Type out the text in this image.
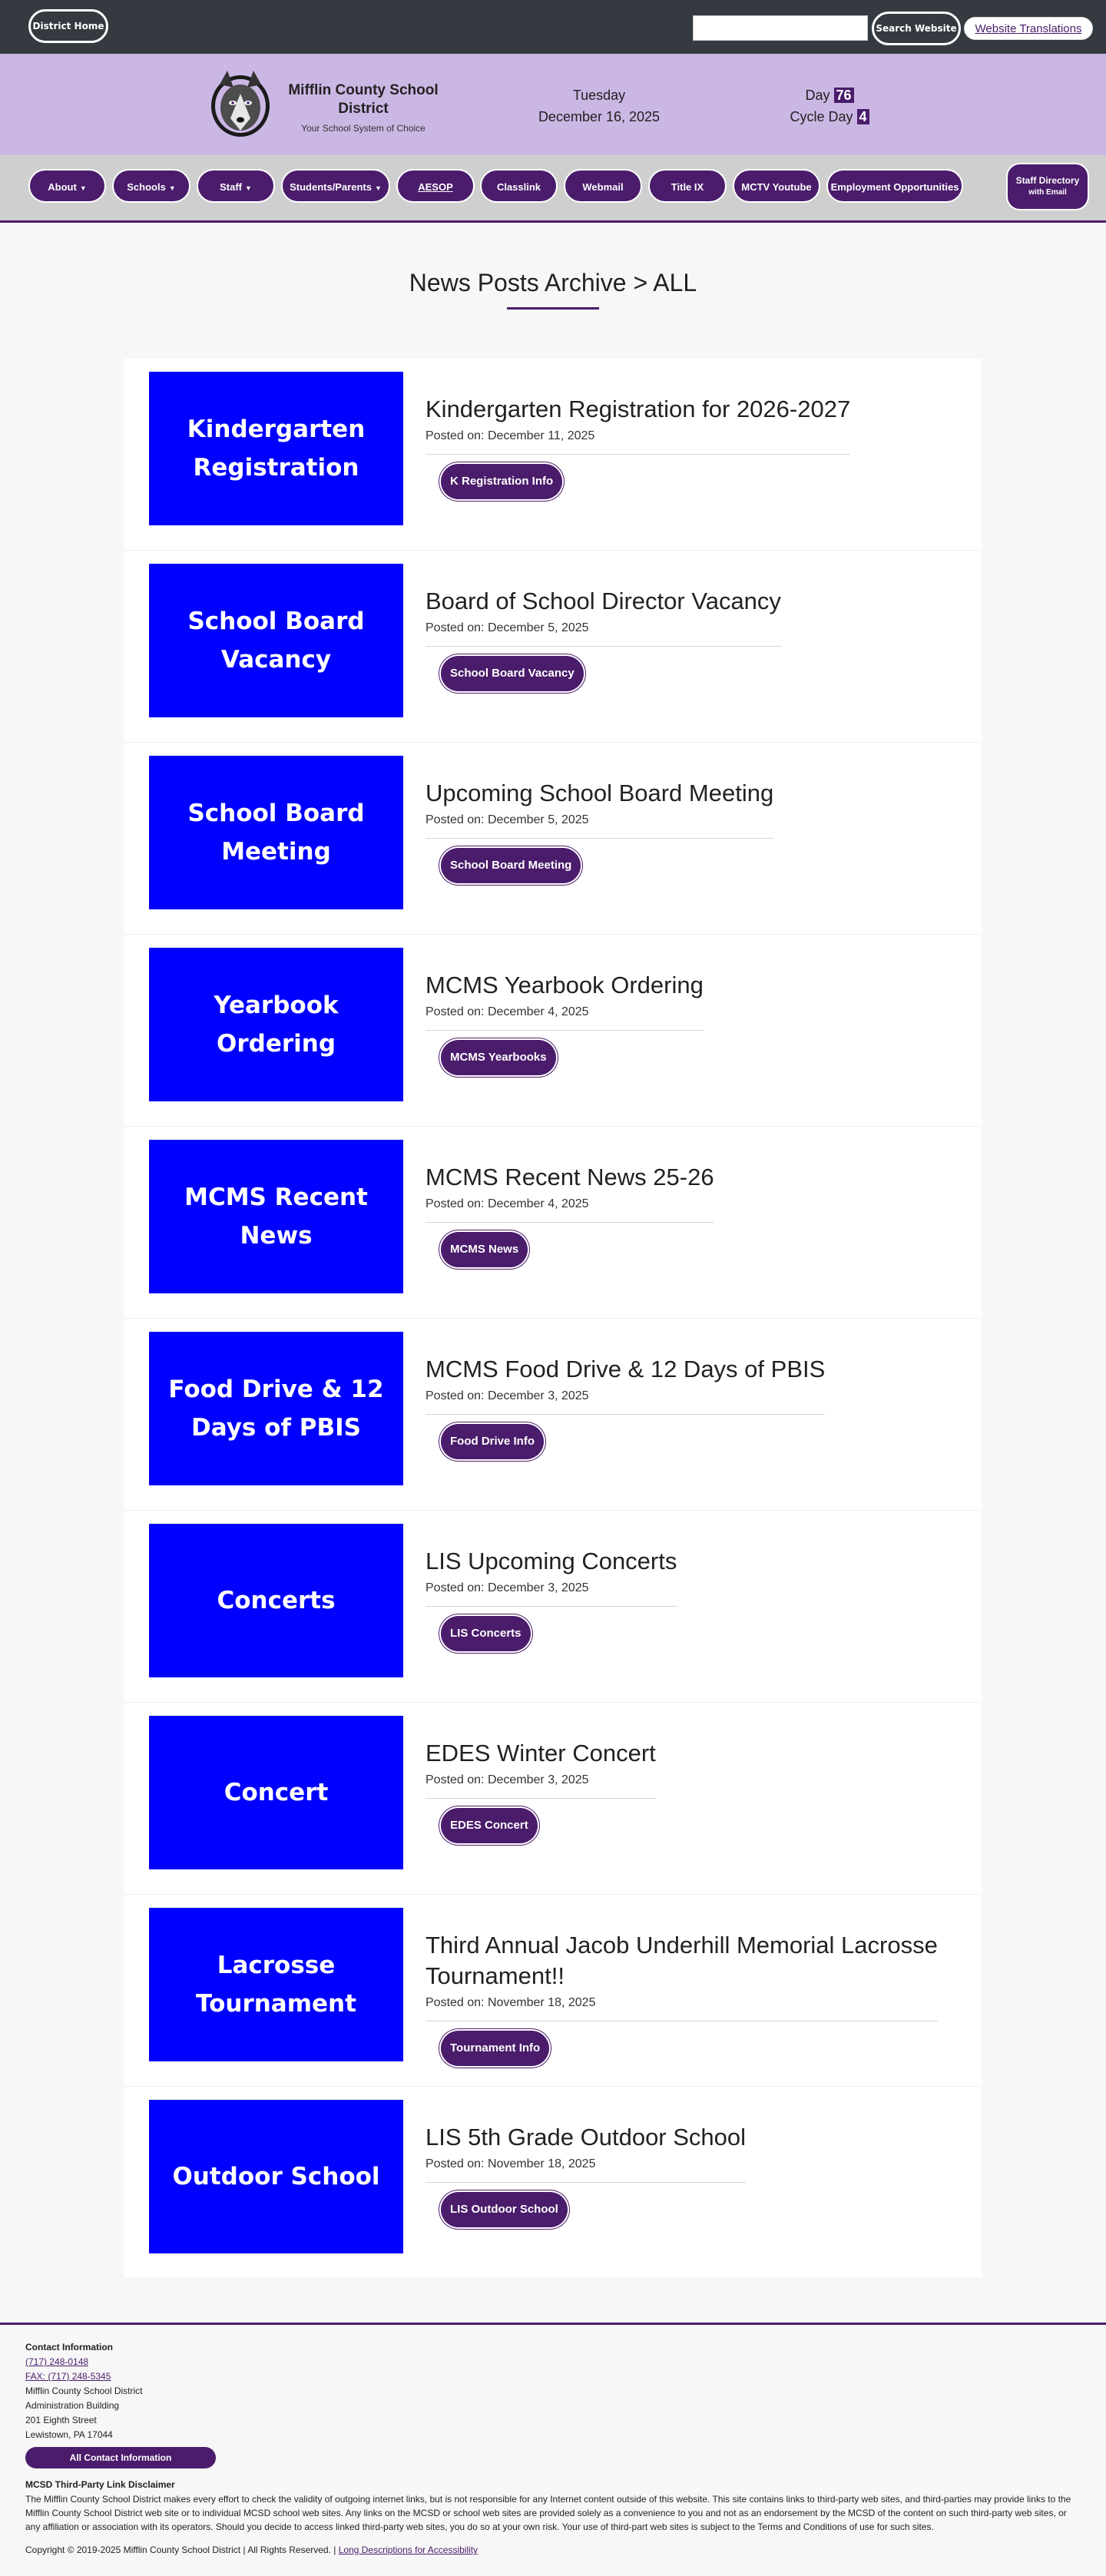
District Home	Search Website	Website Translations
Mifflin County School District
Your School System of Choice
Tuesday
December 16, 2025
Day 76
Cycle Day 4
About ▼	Schools ▼	Staff ▼	Students/Parents ▼	AESOP	Classlink	Webmail	Title IX	MCTV Youtube	Employment Opportunities
Staff Directory
with Email
News Posts Archive > ALL
Kindergarten Registration
Kindergarten Registration for 2026-2027
Posted on: December 11, 2025
K Registration Info
School Board Vacancy
Board of School Director Vacancy
Posted on: December 5, 2025
School Board Vacancy
School Board Meeting
Upcoming School Board Meeting
Posted on: December 5, 2025
School Board Meeting
Yearbook Ordering
MCMS Yearbook Ordering
Posted on: December 4, 2025
MCMS Yearbooks
MCMS Recent News
MCMS Recent News 25-26
Posted on: December 4, 2025
MCMS News
Food Drive & 12 Days of PBIS
MCMS Food Drive & 12 Days of PBIS
Posted on: December 3, 2025
Food Drive Info
Concerts
LIS Upcoming Concerts
Posted on: December 3, 2025
LIS Concerts
Concert
EDES Winter Concert
Posted on: December 3, 2025
EDES Concert
Lacrosse Tournament
Third Annual Jacob Underhill Memorial Lacrosse Tournament!!
Posted on: November 18, 2025
Tournament Info
Outdoor School
LIS 5th Grade Outdoor School
Posted on: November 18, 2025
LIS Outdoor School
Contact Information
(717) 248-0148
FAX: (717) 248-5345
Mifflin County School District
Administration Building
201 Eighth Street
Lewistown, PA 17044
All Contact Information
MCSD Third-Party Link Disclaimer
The Mifflin County School District makes every effort to check the validity of outgoing internet links, but is not responsible for any Internet content outside of this website. This site contains links to third-party web sites, and third-parties may provide links to the Mifflin County School District web site or to individual MCSD school web sites. Any links on the MCSD or school web sites are provided solely as a convenience to you and not as an endorsement by the MCSD of the content on such third-party web sites, or any affiliation or association with its operators. Should you decide to access linked third-party web sites, you do so at your own risk. Your use of third-part web sites is subject to the Terms and Conditions of use for such sites.
Copyright © 2019-2025 Mifflin County School District | All Rights Reserved. | Long Descriptions for Accessibility
